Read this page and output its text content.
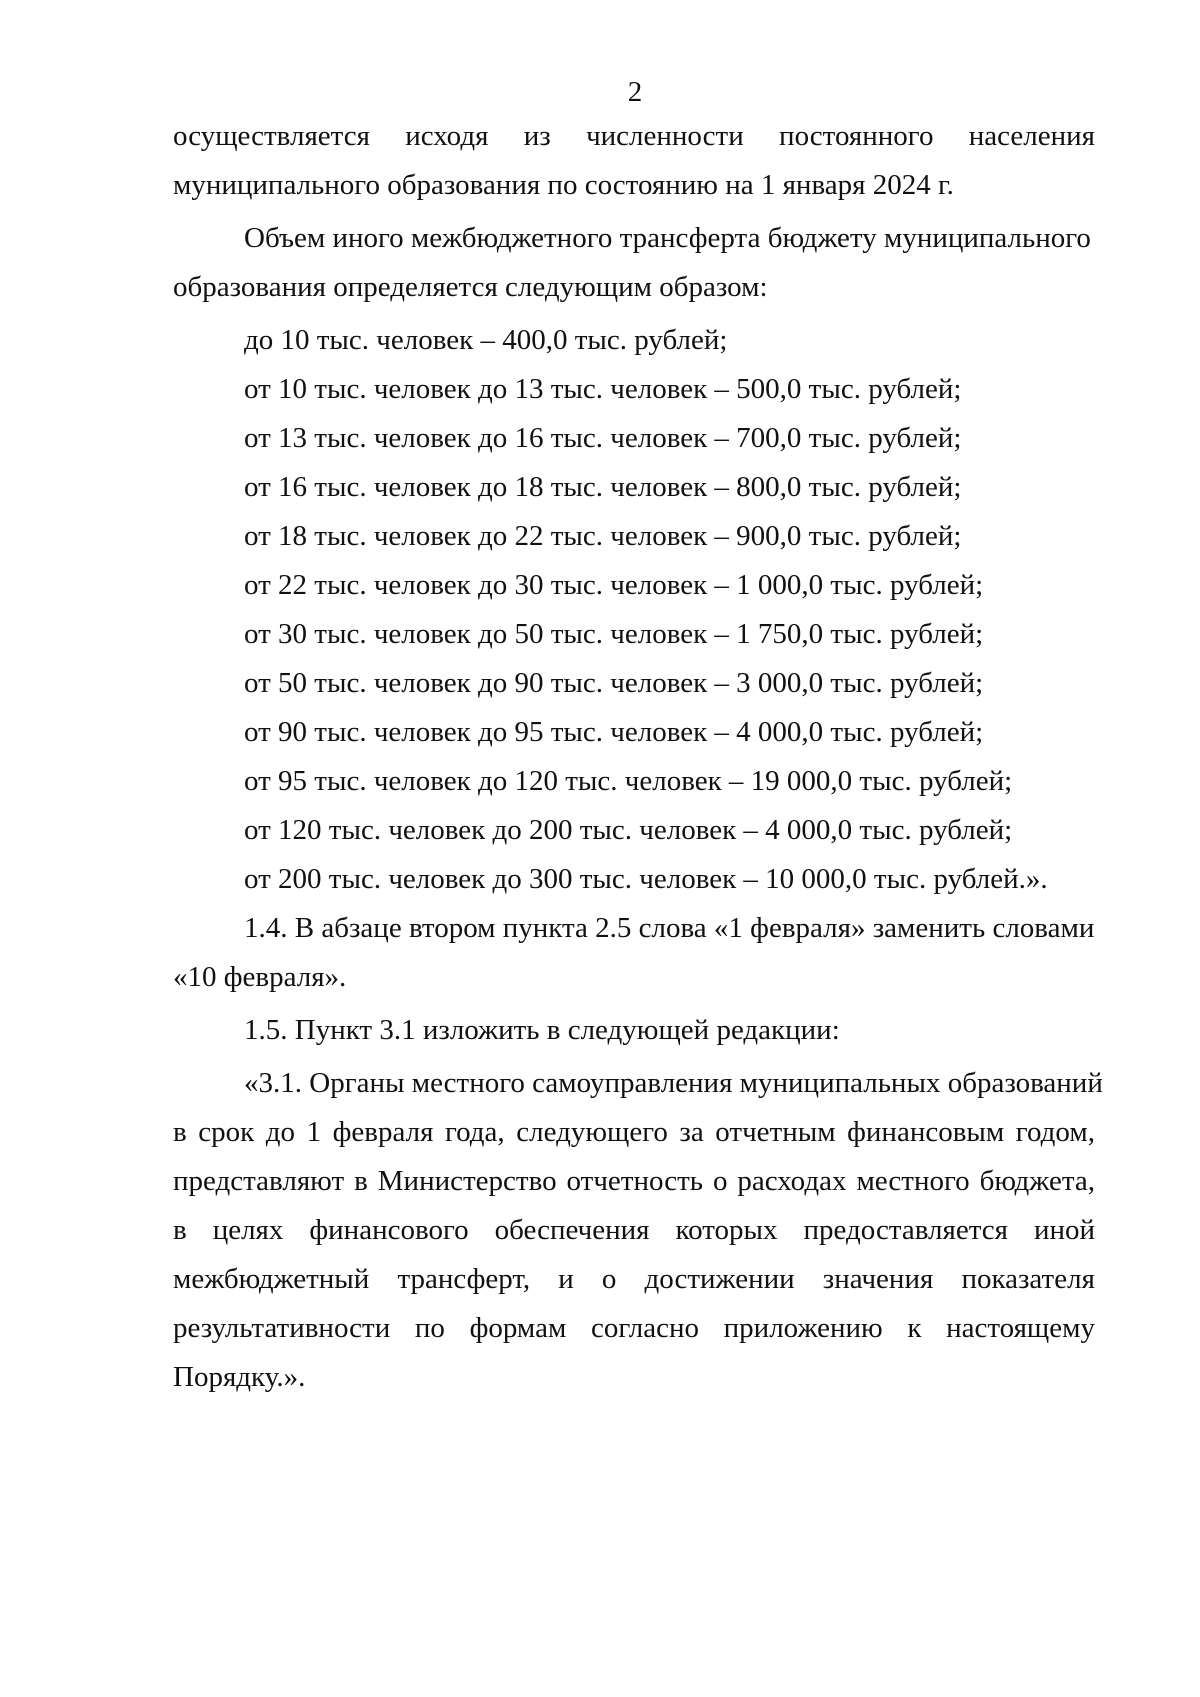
2
осуществляется исходя из численности постоянного населения
муниципального образования по состоянию на 1 января 2024 г.
Объем иного межбюджетного трансферта бюджету муниципального
образования определяется следующим образом:
до 10 тыс. человек – 400,0 тыс. рублей;
от 10 тыс. человек до 13 тыс. человек – 500,0 тыс. рублей;
от 13 тыс. человек до 16 тыс. человек – 700,0 тыс. рублей;
от 16 тыс. человек до 18 тыс. человек – 800,0 тыс. рублей;
от 18 тыс. человек до 22 тыс. человек – 900,0 тыс. рублей;
от 22 тыс. человек до 30 тыс. человек – 1 000,0 тыс. рублей;
от 30 тыс. человек до 50 тыс. человек – 1 750,0 тыс. рублей;
от 50 тыс. человек до 90 тыс. человек – 3 000,0 тыс. рублей;
от 90 тыс. человек до 95 тыс. человек – 4 000,0 тыс. рублей;
от 95 тыс. человек до 120 тыс. человек – 19 000,0 тыс. рублей;
от 120 тыс. человек до 200 тыс. человек – 4 000,0 тыс. рублей;
от 200 тыс. человек до 300 тыс. человек – 10 000,0 тыс. рублей.».
1.4. В абзаце втором пункта 2.5 слова «1 февраля» заменить словами
«10 февраля».
1.5. Пункт 3.1 изложить в следующей редакции:
«3.1. Органы местного самоуправления муниципальных образований
в срок до 1 февраля года, следующего за отчетным финансовым годом,
представляют в Министерство отчетность о расходах местного бюджета,
в целях финансового обеспечения которых предоставляется иной
межбюджетный трансферт, и о достижении значения показателя
результативности по формам согласно приложению к настоящему
Порядку.».
